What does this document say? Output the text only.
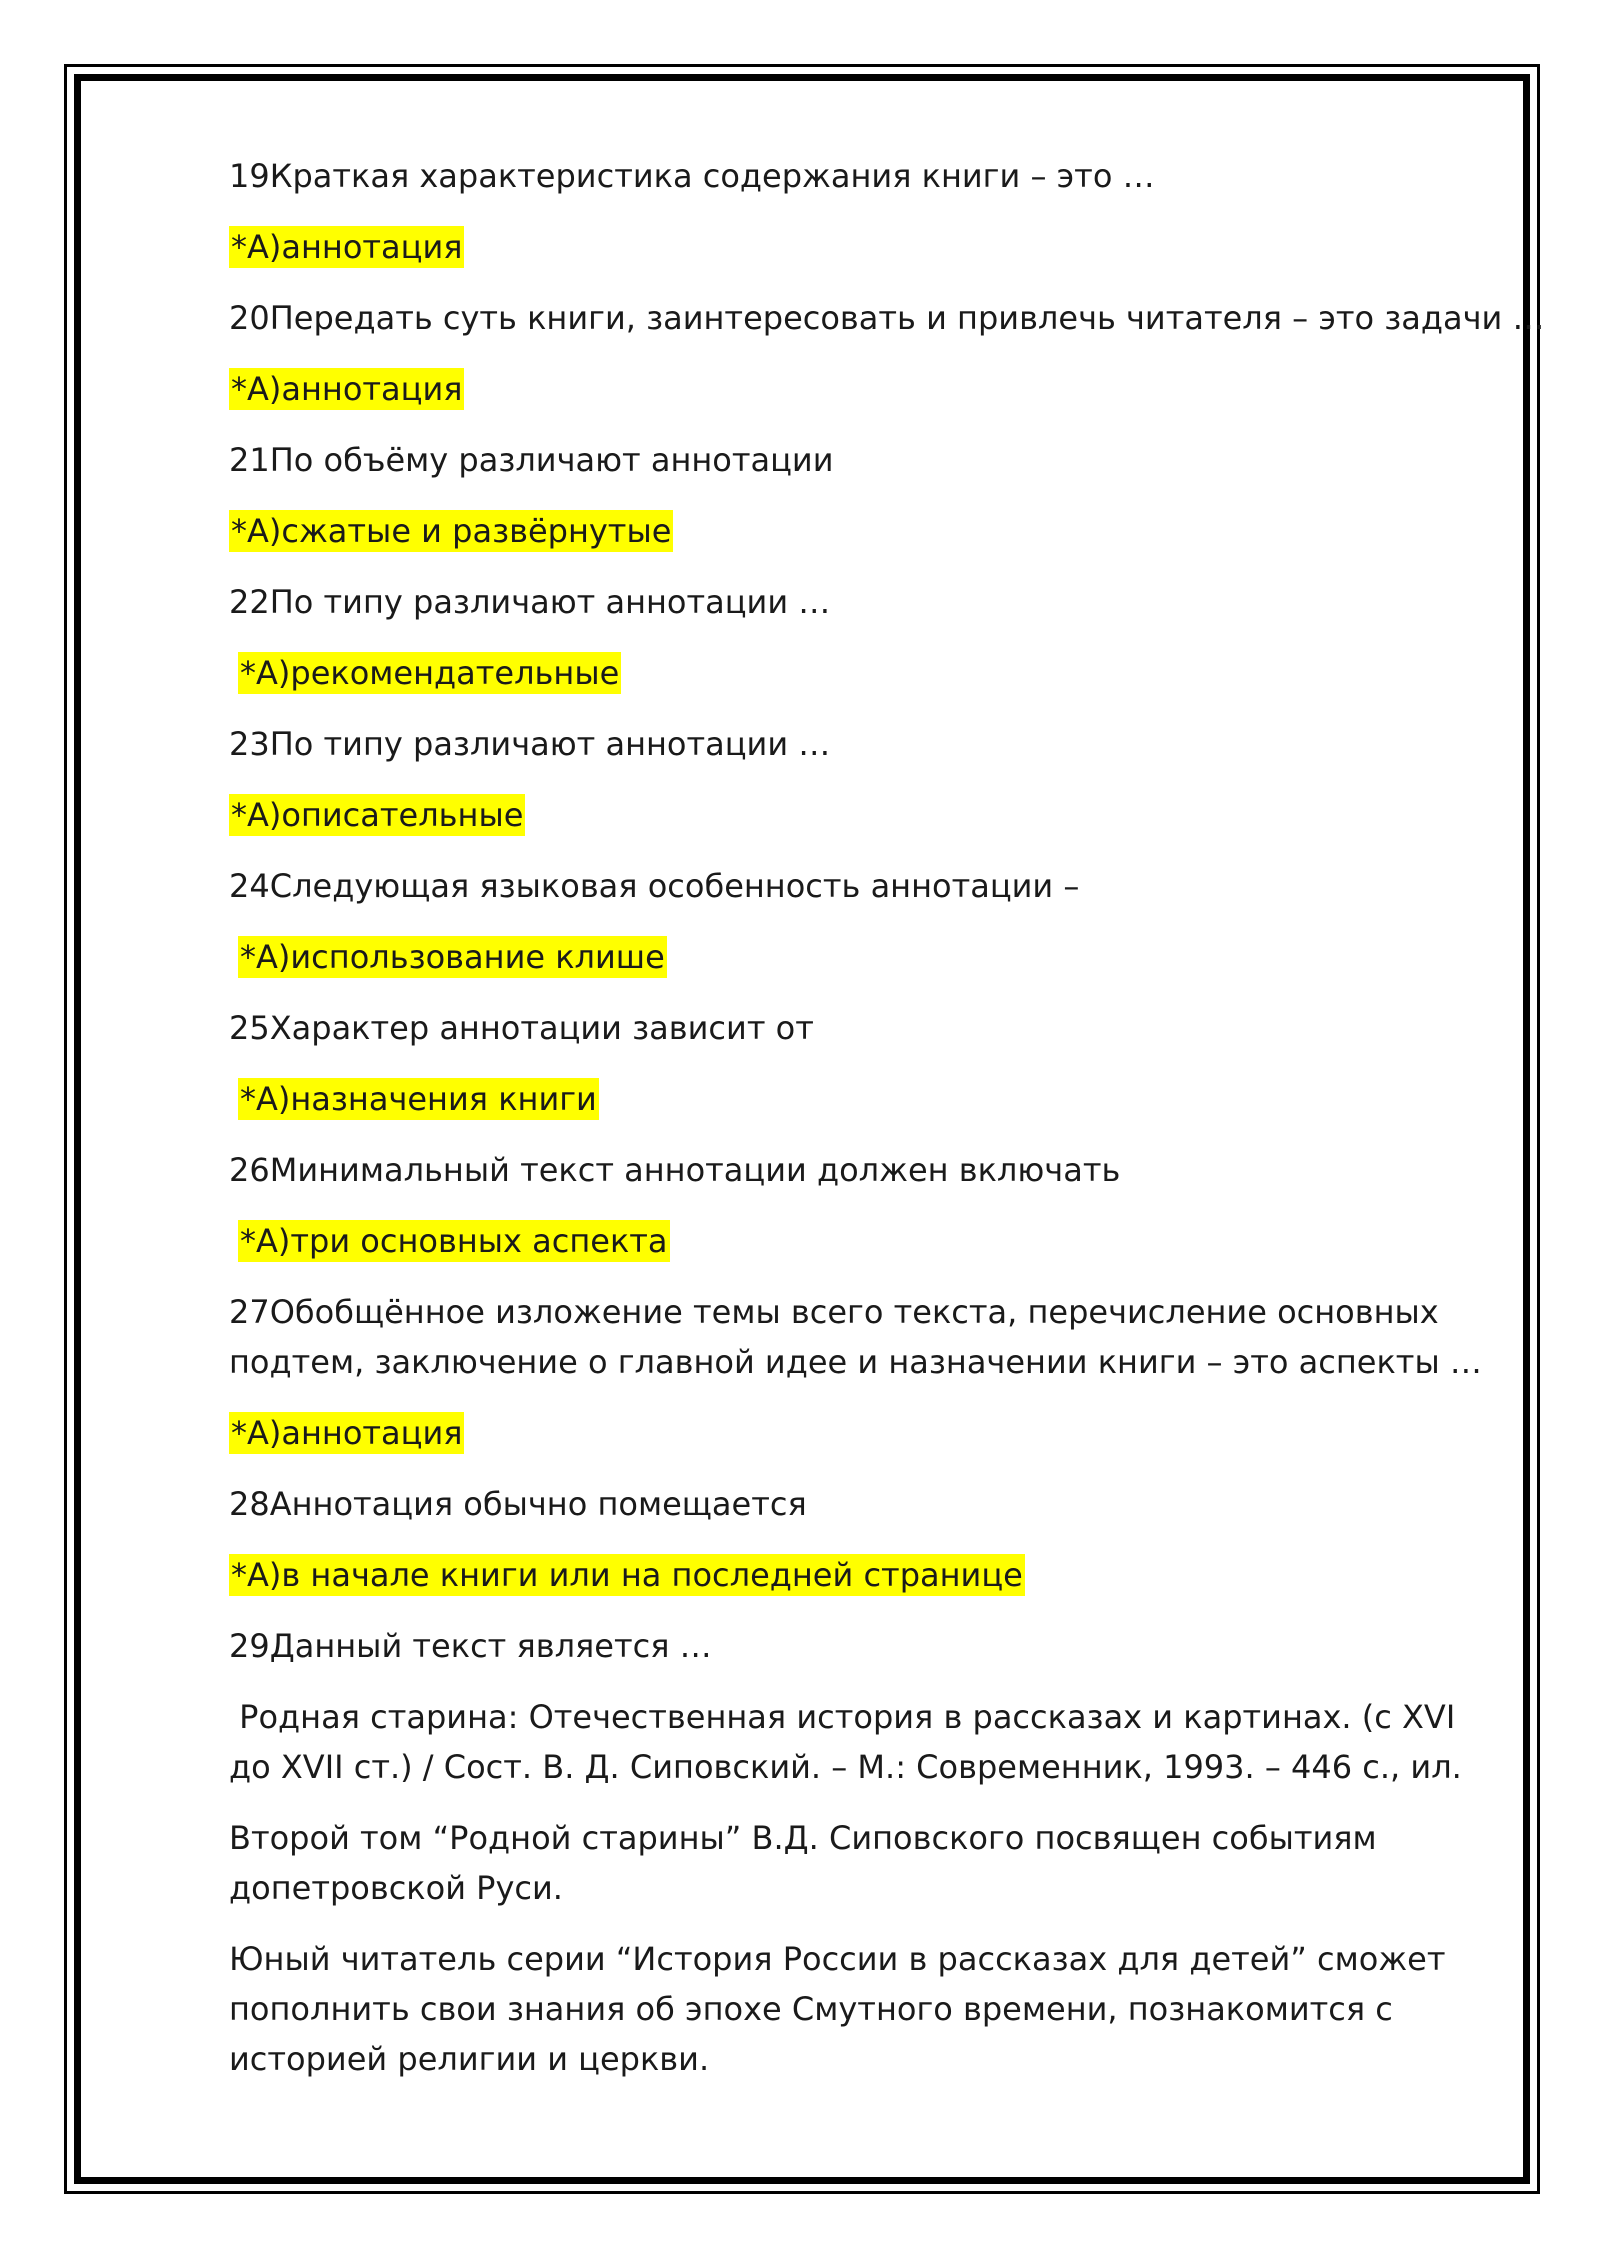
19Краткая характеристика содержания книги – это …
*А)аннотация
20Передать суть книги, заинтересовать и привлечь читателя – это задачи …
*А)аннотация
21По объёму различают аннотации
*А)сжатые и развёрнутые
22По типу различают аннотации …
*А)рекомендательные
23По типу различают аннотации …
*А)описательные
24Следующая языковая особенность аннотации –
*А)использование клише
25Характер аннотации зависит от
*А)назначения книги
26Минимальный текст аннотации должен включать
*А)три основных аспекта
27Обобщённое изложение темы всего текста, перечисление основных подтем, заключение о главной идее и назначении книги – это аспекты …
*А)аннотация
28Аннотация обычно помещается
*А)в начале книги или на последней странице
29Данный текст является …
Родная старина: Отечественная история в рассказах и картинах. (с XVI до XVII ст.) / Сост. В. Д. Сиповский. – М.: Современник, 1993. – 446 с., ил.
Второй том “Родной старины” В.Д. Сиповского посвящен событиям допетровской Руси.
Юный читатель серии “История России в рассказах для детей” сможет пополнить свои знания об эпохе Смутного времени, познакомится с историей религии и церкви.
